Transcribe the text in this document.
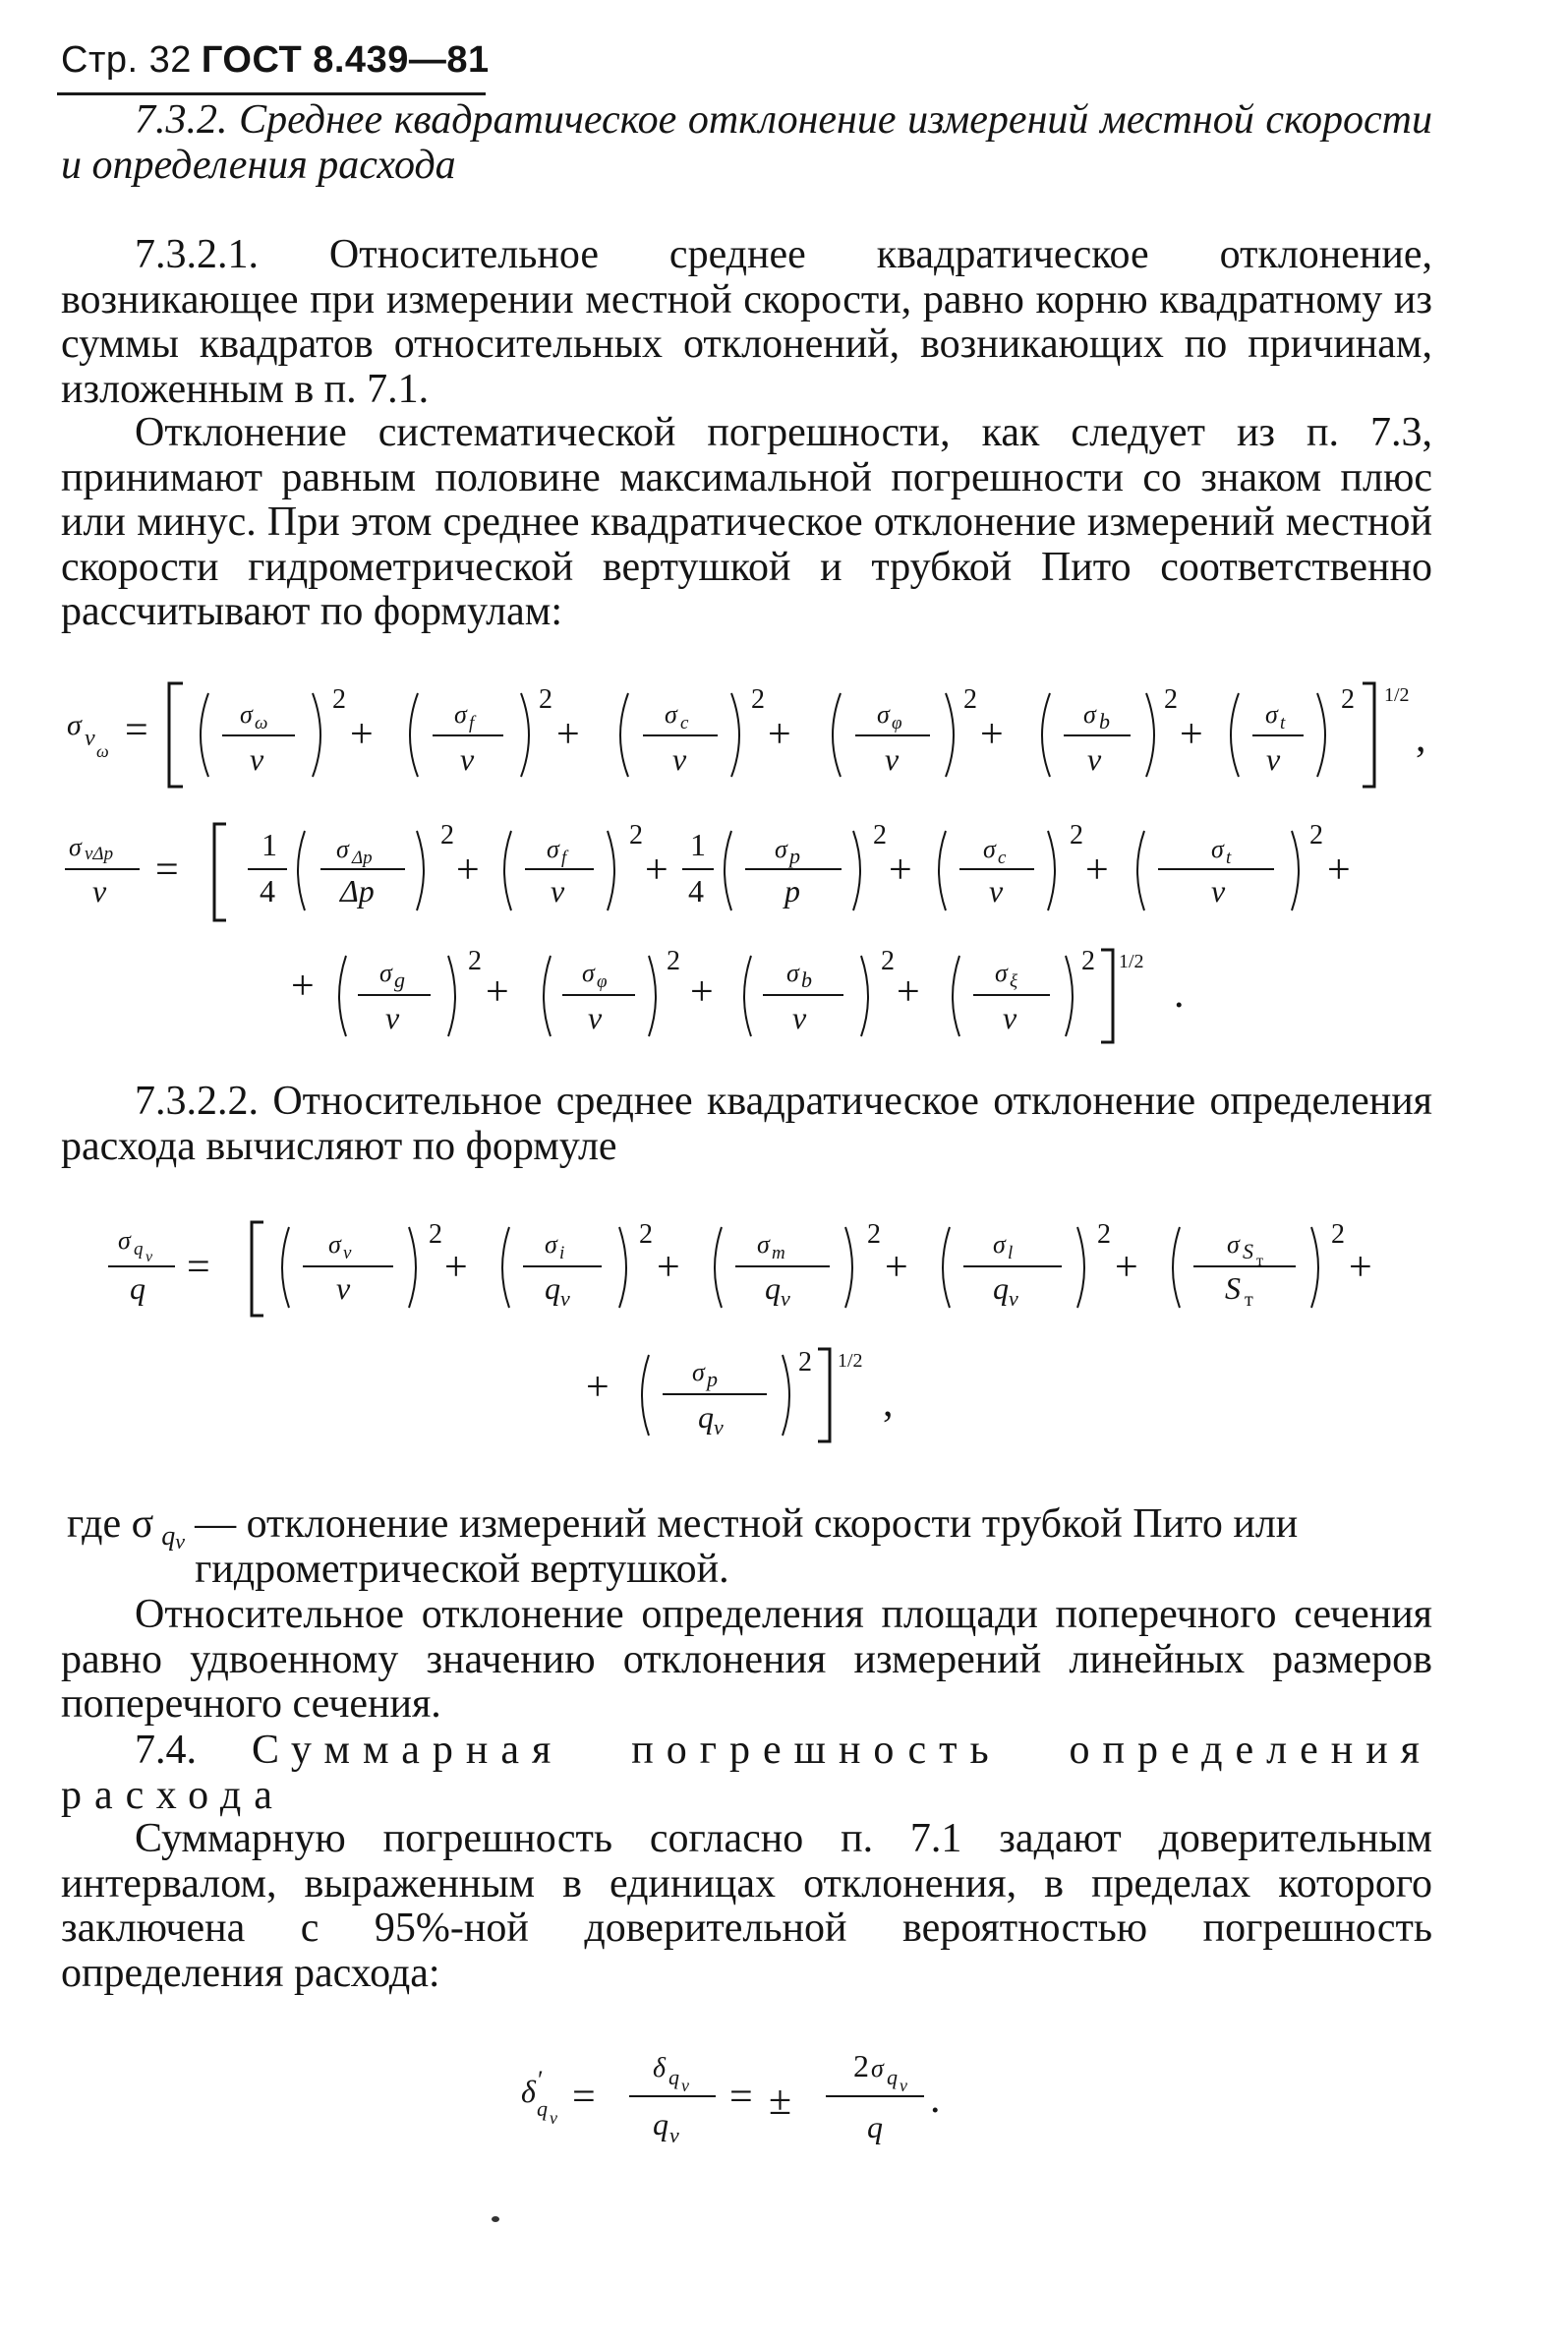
Стр. 32 ГОСТ 8.439—81

7.3.2. Среднее квадратическое отклонение измерений местной скорости и определения расхода

7.3.2.1. Относительное среднее квадратическое отклонение, возникающее при измерении местной скорости, равно корню квадратному из суммы квадратов относительных отклонений, возникающих по причинам, изложенным в п. 7.1.

Отклонение систематической погрешности, как следует из п. 7.3, принимают равным половине максимальной погрешности со знаком плюс или минус. При этом среднее квадратическое отклонение измерений местной скорости гидрометрической вертушкой и трубкой Пито соответственно рассчитывают по формулам:

σ v ω =	σ ω
v
2
+	σ f
v
2
+	σ c
v
2
+	σ φ
v
2
+	σ b
v
2
+ σ t
v
2 1/2
,
σ vΔp
v =
1
4
σ Δp
Δp
2
+	σ f
v
2
+
1
4
σ p
p
2
+	σ c
v
2
+	σ t
v
2
+
+	σ g
v
2
+	σ φ
v
2
+	σ b
v
2
+	σ ξ
v
2 1/2
.

7.3.2.2. Относительное среднее квадратическое отклонение определения расхода вычисляют по формуле

σ q v
q =
σ v
v
2
+
σ i
q v
2
+
σ m
q v
2
+
σ l
q v
2
+
σ S т
S т
2
+
+	σ p
q v
2 1/2
,
где σ $q_v$ — отклонение измерений местной скорости трубкой Пито или гидрометрической вертушкой.

Относительное отклонение определения площади поперечного сечения равно удвоенному значению отклонения измерений линейных размеров поперечного сечения.

7.4. Суммарная погрешность определения расхода

Суммарную погрешность согласно п. 7.1 задают доверительным интервалом, выраженным в единицах отклонения, в пределах которого заключена с 95%-ной доверительной вероятностью погрешность определения расхода:

δ ′
q v =
δ q v
q v
= ±
2 σ q v
q
.
